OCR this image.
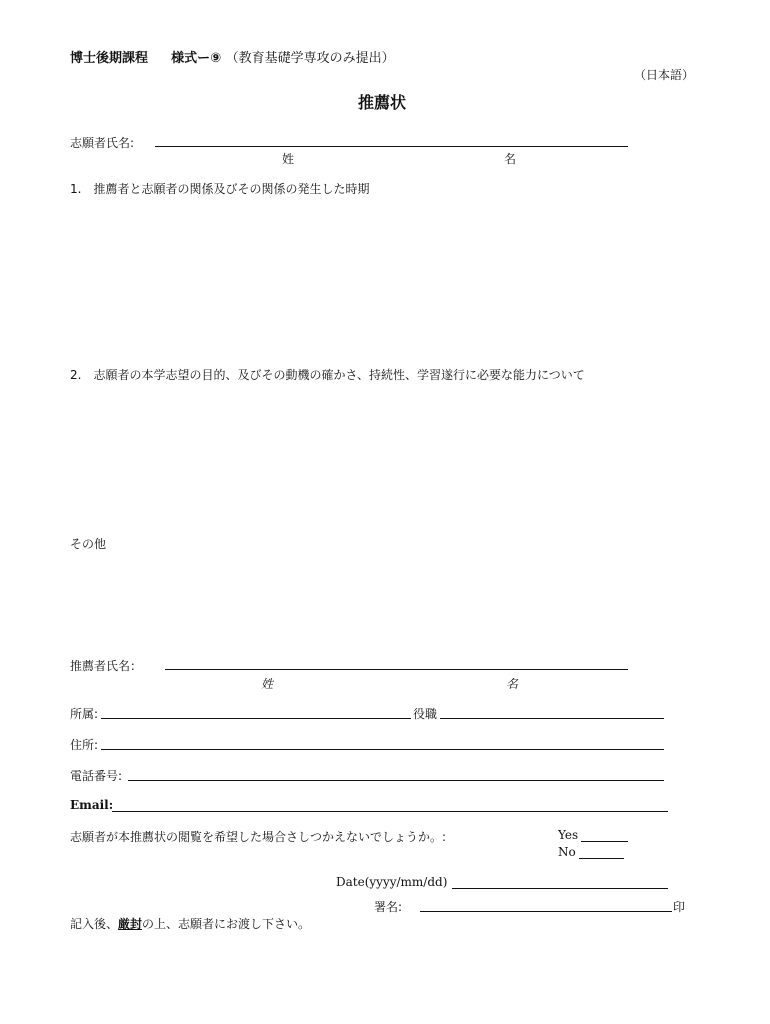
博士後期課程 様式ー⑨ （教育基礎学専攻のみ提出）
（日本語）
推薦状
志願者氏名:
姓	名
1.　推薦者と志願者の関係及びその関係の発生した時期
2.　志願者の本学志望の目的、及びその動機の確かさ、持続性、学習遂行に必要な能力について
その他
推薦者氏名：
姓	名
所属:	役職
住所:
電話番号:
Email:
志願者が本推薦状の閲覧を希望した場合さしつかえないでしょうか。:	Yes
No
Date(yyyy/mm/dd)
署名:	印
記入後、厳封の上、志願者にお渡し下さい。
